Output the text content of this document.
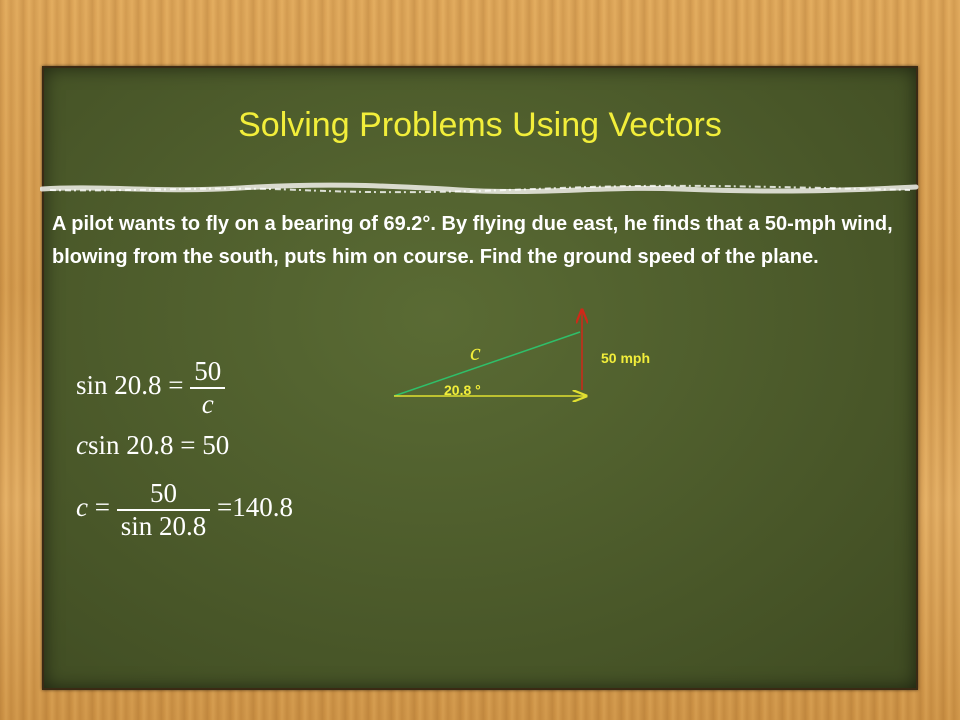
Solving Problems Using Vectors

A pilot wants to fly on a bearing of 69.2°. By flying due east, he finds that a 50-mph wind, blowing from the south, puts him on course. Find the ground speed of the plane.

c
20.8 °
50 mph
$\sin 20.8 = \frac{50}{c}$
csin 20.8 = 50
$c = \frac{50}{\sin 20.8} =140.8$
